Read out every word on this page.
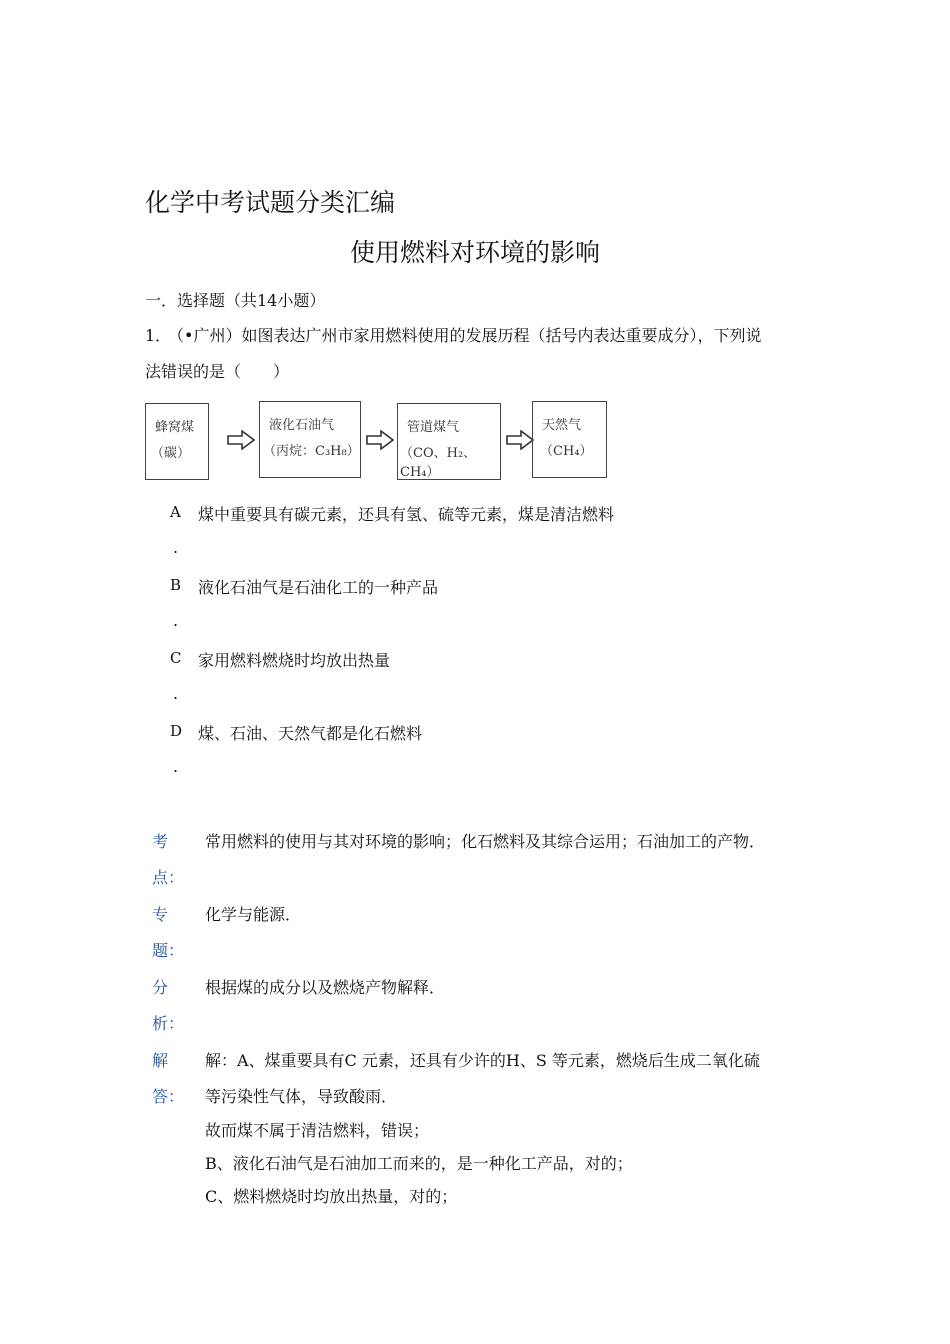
化学中考试题分类汇编
使用燃料对环境的影响
一．选择题（共14小题）
1．
（•广州）如图表达广州市家用燃料使用的发展历程（括号内表达重要成分），下列说
法错误的是（　　）
蜂窝煤
（碳）
液化石油气
（丙烷：C₃H₈）
管道煤气
（CO、H₂、CH₄）
天然气
（CH₄）
A 煤中重要具有碳元素，还具有氢、硫等元素，煤是清洁燃料
.
B 液化石油气是石油化工的一种产品
.
C 家用燃料燃烧时均放出热量
.
D 煤、石油、天然气都是化石燃料
.
考
点：
常用燃料的使用与其对环境的影响；化石燃料及其综合运用；石油加工的产物．
专
题：
化学与能源．
分
析：
根据煤的成分以及燃烧产物解释．
解
答：
解：A、煤重要具有C 元素，还具有少许的H、S 等元素，燃烧后生成二氧化硫
等污染性气体，导致酸雨．
故而煤不属于清洁燃料，错误；
B、液化石油气是石油加工而来的，是一种化工产品，对的；
C、燃料燃烧时均放出热量，对的；
